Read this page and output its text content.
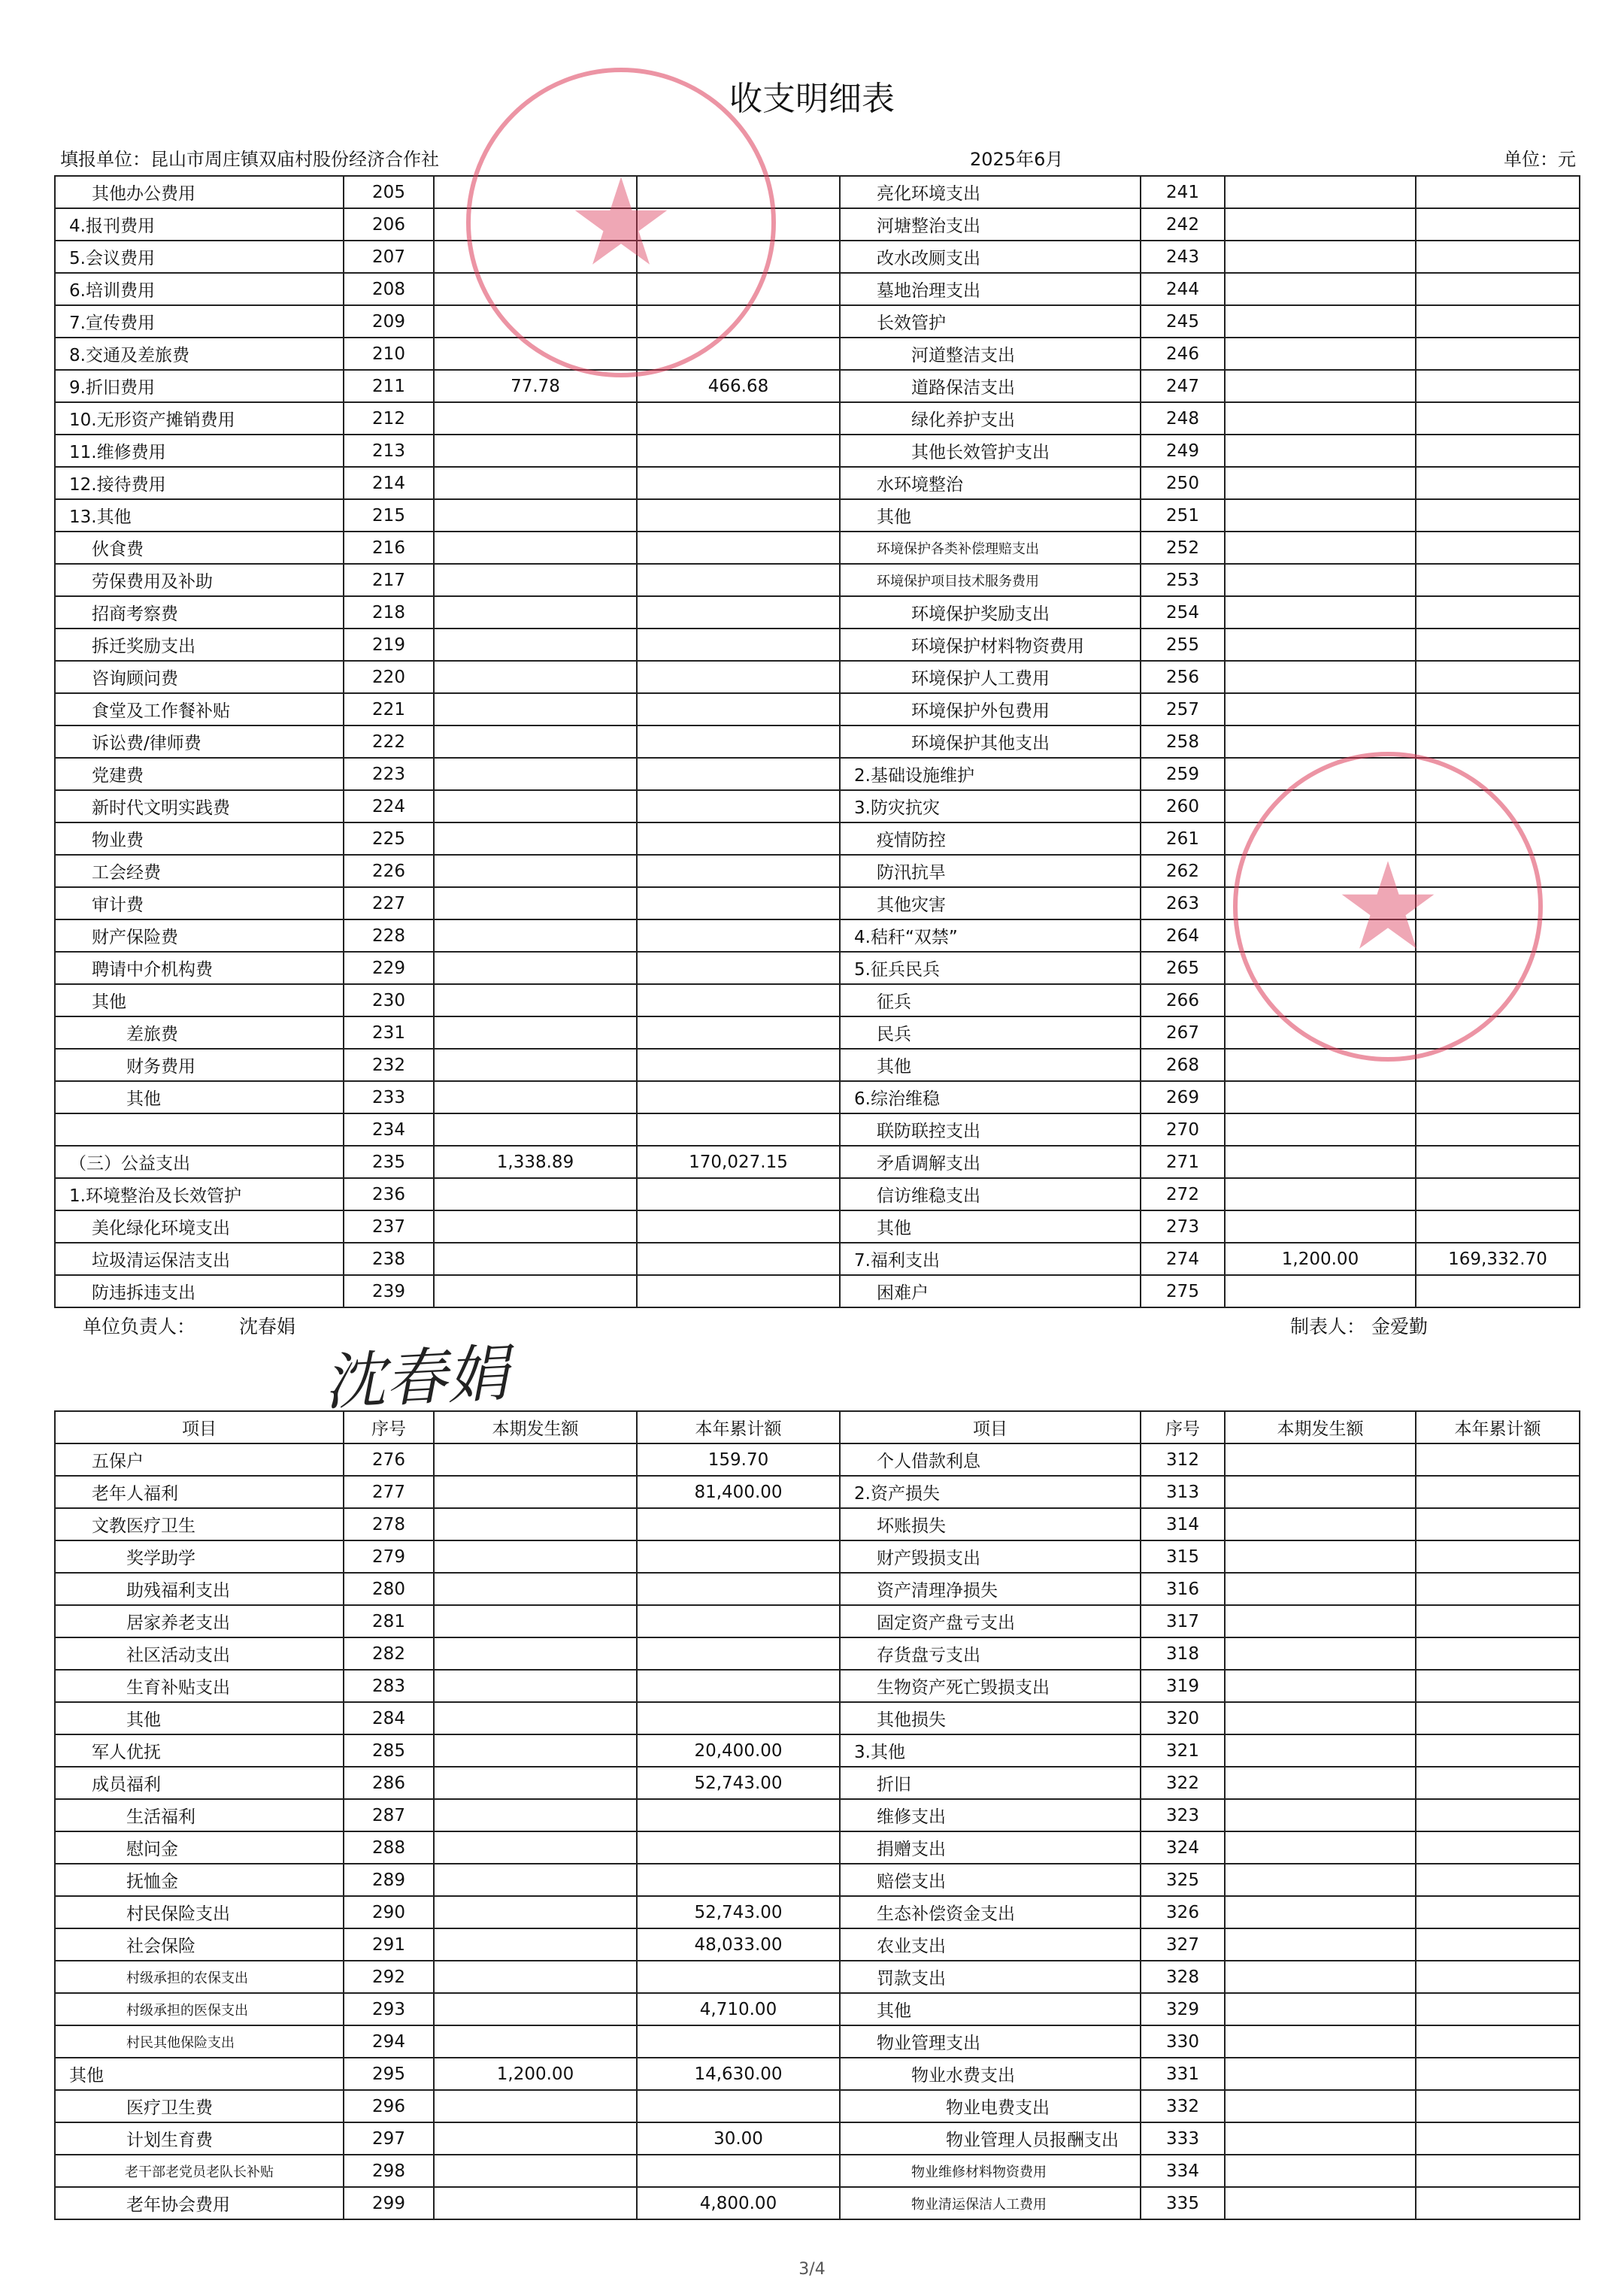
收支明细表
填报单位：昆山市周庄镇双庙村股份经济合作社	2025年6月	单位：元
其他办公费用	205			亮化环境支出	241		
4.报刊费用	206			河塘整治支出	242		
5.会议费用	207			改水改厕支出	243		
6.培训费用	208			墓地治理支出	244		
7.宣传费用	209			长效管护	245		
8.交通及差旅费	210			河道整洁支出	246		
9.折旧费用	211	77.78	466.68	道路保洁支出	247		
10.无形资产摊销费用	212			绿化养护支出	248		
11.维修费用	213			其他长效管护支出	249		
12.接待费用	214			水环境整治	250		
13.其他	215			其他	251		
伙食费	216			环境保护各类补偿理赔支出	252		
劳保费用及补助	217			环境保护项目技术服务费用	253		
招商考察费	218			环境保护奖励支出	254		
拆迁奖励支出	219			环境保护材料物资费用	255		
咨询顾问费	220			环境保护人工费用	256		
食堂及工作餐补贴	221			环境保护外包费用	257		
诉讼费/律师费	222			环境保护其他支出	258		
党建费	223			2.基础设施维护	259		
新时代文明实践费	224			3.防灾抗灾	260		
物业费	225			疫情防控	261		
工会经费	226			防汛抗旱	262		
审计费	227			其他灾害	263		
财产保险费	228			4.秸秆“双禁”	264		
聘请中介机构费	229			5.征兵民兵	265		
其他	230			征兵	266		
差旅费	231			民兵	267		
财务费用	232			其他	268		
其他	233			6.综治维稳	269		
	234			联防联控支出	270		
（三）公益支出	235	1,338.89	170,027.15	矛盾调解支出	271		
1.环境整治及长效管护	236			信访维稳支出	272		
美化绿化环境支出	237			其他	273		
垃圾清运保洁支出	238			7.福利支出	274	1,200.00	169,332.70
防违拆违支出	239			困难户	275		
单位负责人： 沈春娟	制表人： 金爱勤
沈春娟
项目	序号	本期发生额	本年累计额	项目	序号	本期发生额	本年累计额
五保户	276		159.70	个人借款利息	312		
老年人福利	277		81,400.00	2.资产损失	313		
文教医疗卫生	278			坏账损失	314		
奖学助学	279			财产毁损支出	315		
助残福利支出	280			资产清理净损失	316		
居家养老支出	281			固定资产盘亏支出	317		
社区活动支出	282			存货盘亏支出	318		
生育补贴支出	283			生物资产死亡毁损支出	319		
其他	284			其他损失	320		
军人优抚	285		20,400.00	3.其他	321		
成员福利	286		52,743.00	折旧	322		
生活福利	287			维修支出	323		
慰问金	288			捐赠支出	324		
抚恤金	289			赔偿支出	325		
村民保险支出	290		52,743.00	生态补偿资金支出	326		
社会保险	291		48,033.00	农业支出	327		
村级承担的农保支出	292			罚款支出	328		
村级承担的医保支出	293		4,710.00	其他	329		
村民其他保险支出	294			物业管理支出	330		
其他	295	1,200.00	14,630.00	物业水费支出	331		
医疗卫生费	296			物业电费支出	332		
计划生育费	297		30.00	物业管理人员报酬支出	333		
老干部老党员老队长补贴	298			物业维修材料物资费用	334		
老年协会费用	299		4,800.00	物业清运保洁人工费用	335		
★
★
3/4
